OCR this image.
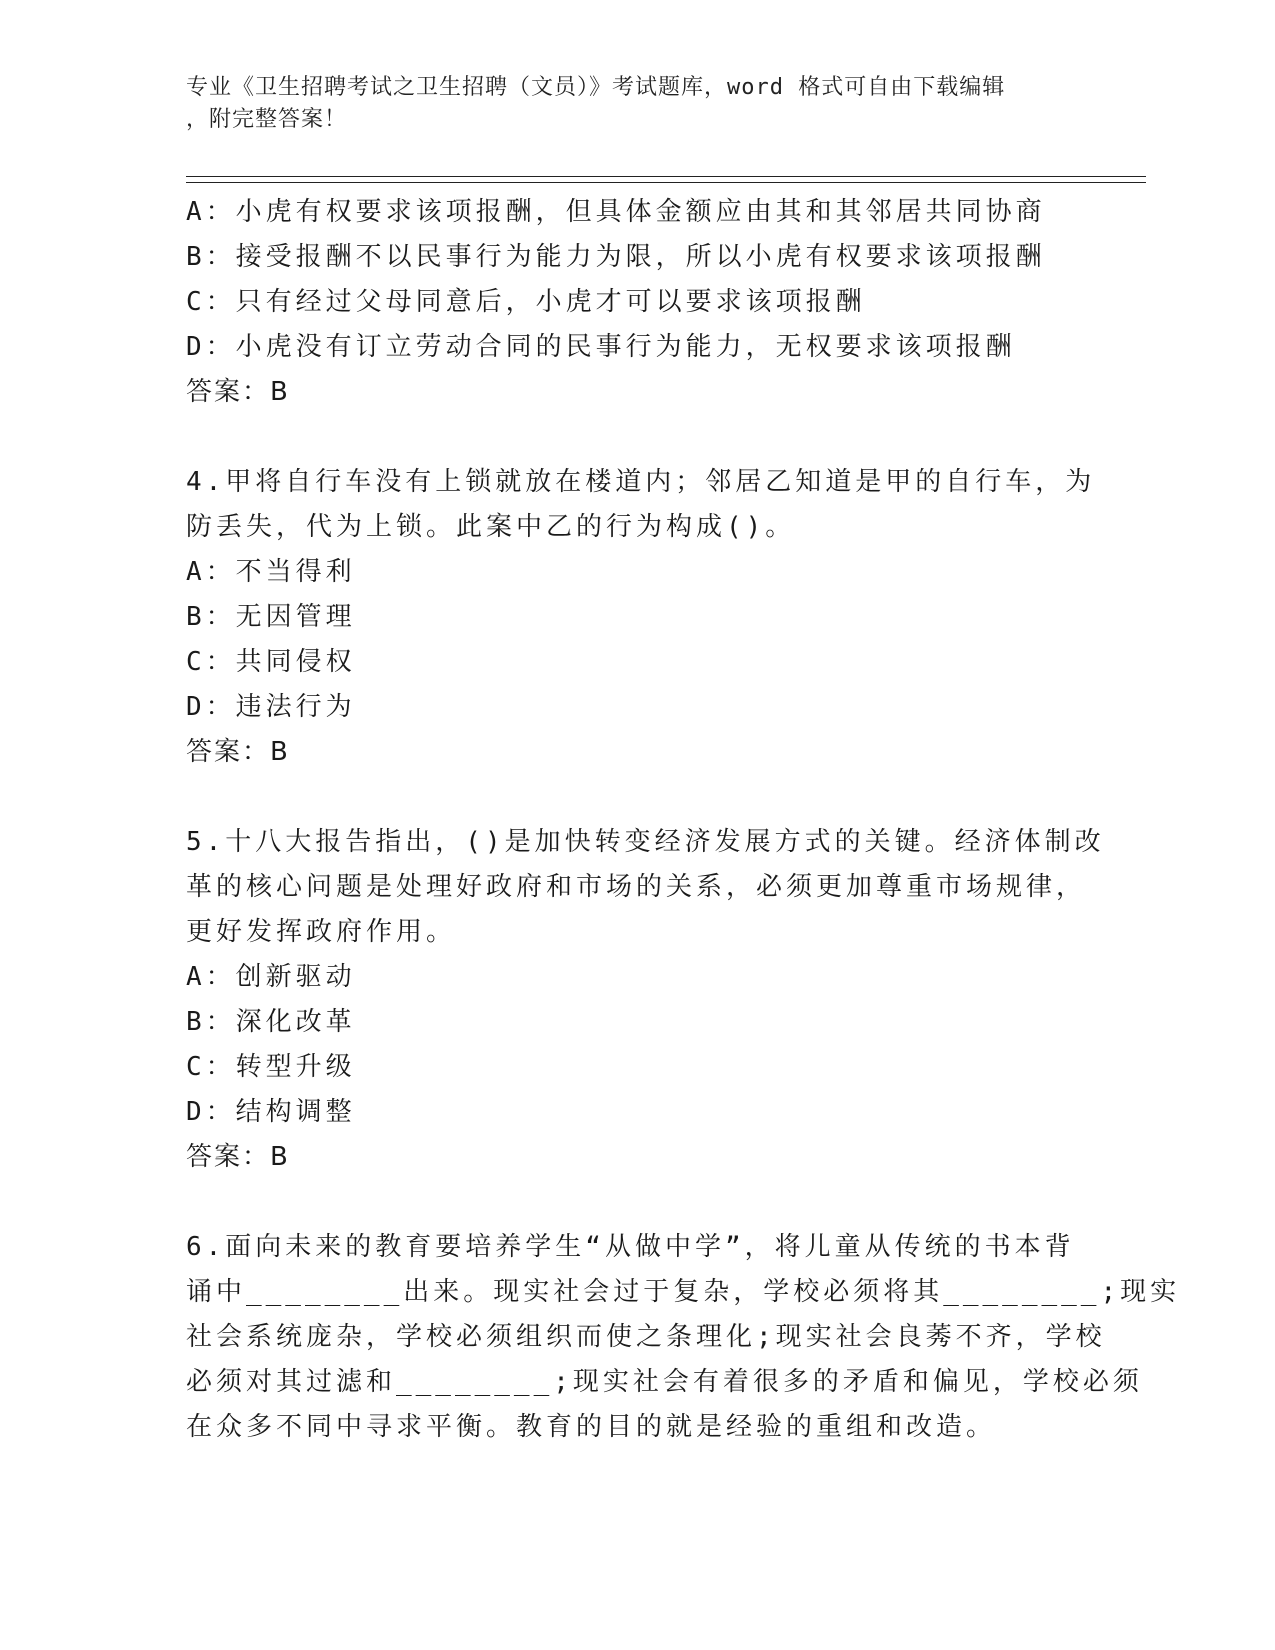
专业《卫生招聘考试之卫生招聘（文员）》考试题库，word 格式可自由下载编辑
，附完整答案！
A：小虎有权要求该项报酬，但具体金额应由其和其邻居共同协商
B：接受报酬不以民事行为能力为限，所以小虎有权要求该项报酬
C：只有经过父母同意后，小虎才可以要求该项报酬
D：小虎没有订立劳动合同的民事行为能力，无权要求该项报酬
答案：B
4.甲将自行车没有上锁就放在楼道内；邻居乙知道是甲的自行车，为
防丢失，代为上锁。此案中乙的行为构成()。
A：不当得利
B：无因管理
C：共同侵权
D：违法行为
答案：B
5.十八大报告指出，()是加快转变经济发展方式的关键。经济体制改
革的核心问题是处理好政府和市场的关系，必须更加尊重市场规律，
更好发挥政府作用。
A：创新驱动
B：深化改革
C：转型升级
D：结构调整
答案：B
6.面向未来的教育要培养学生“从做中学”，将儿童从传统的书本背
诵中________出来。现实社会过于复杂，学校必须将其________;现实
社会系统庞杂，学校必须组织而使之条理化;现实社会良莠不齐，学校
必须对其过滤和________;现实社会有着很多的矛盾和偏见，学校必须
在众多不同中寻求平衡。教育的目的就是经验的重组和改造。
